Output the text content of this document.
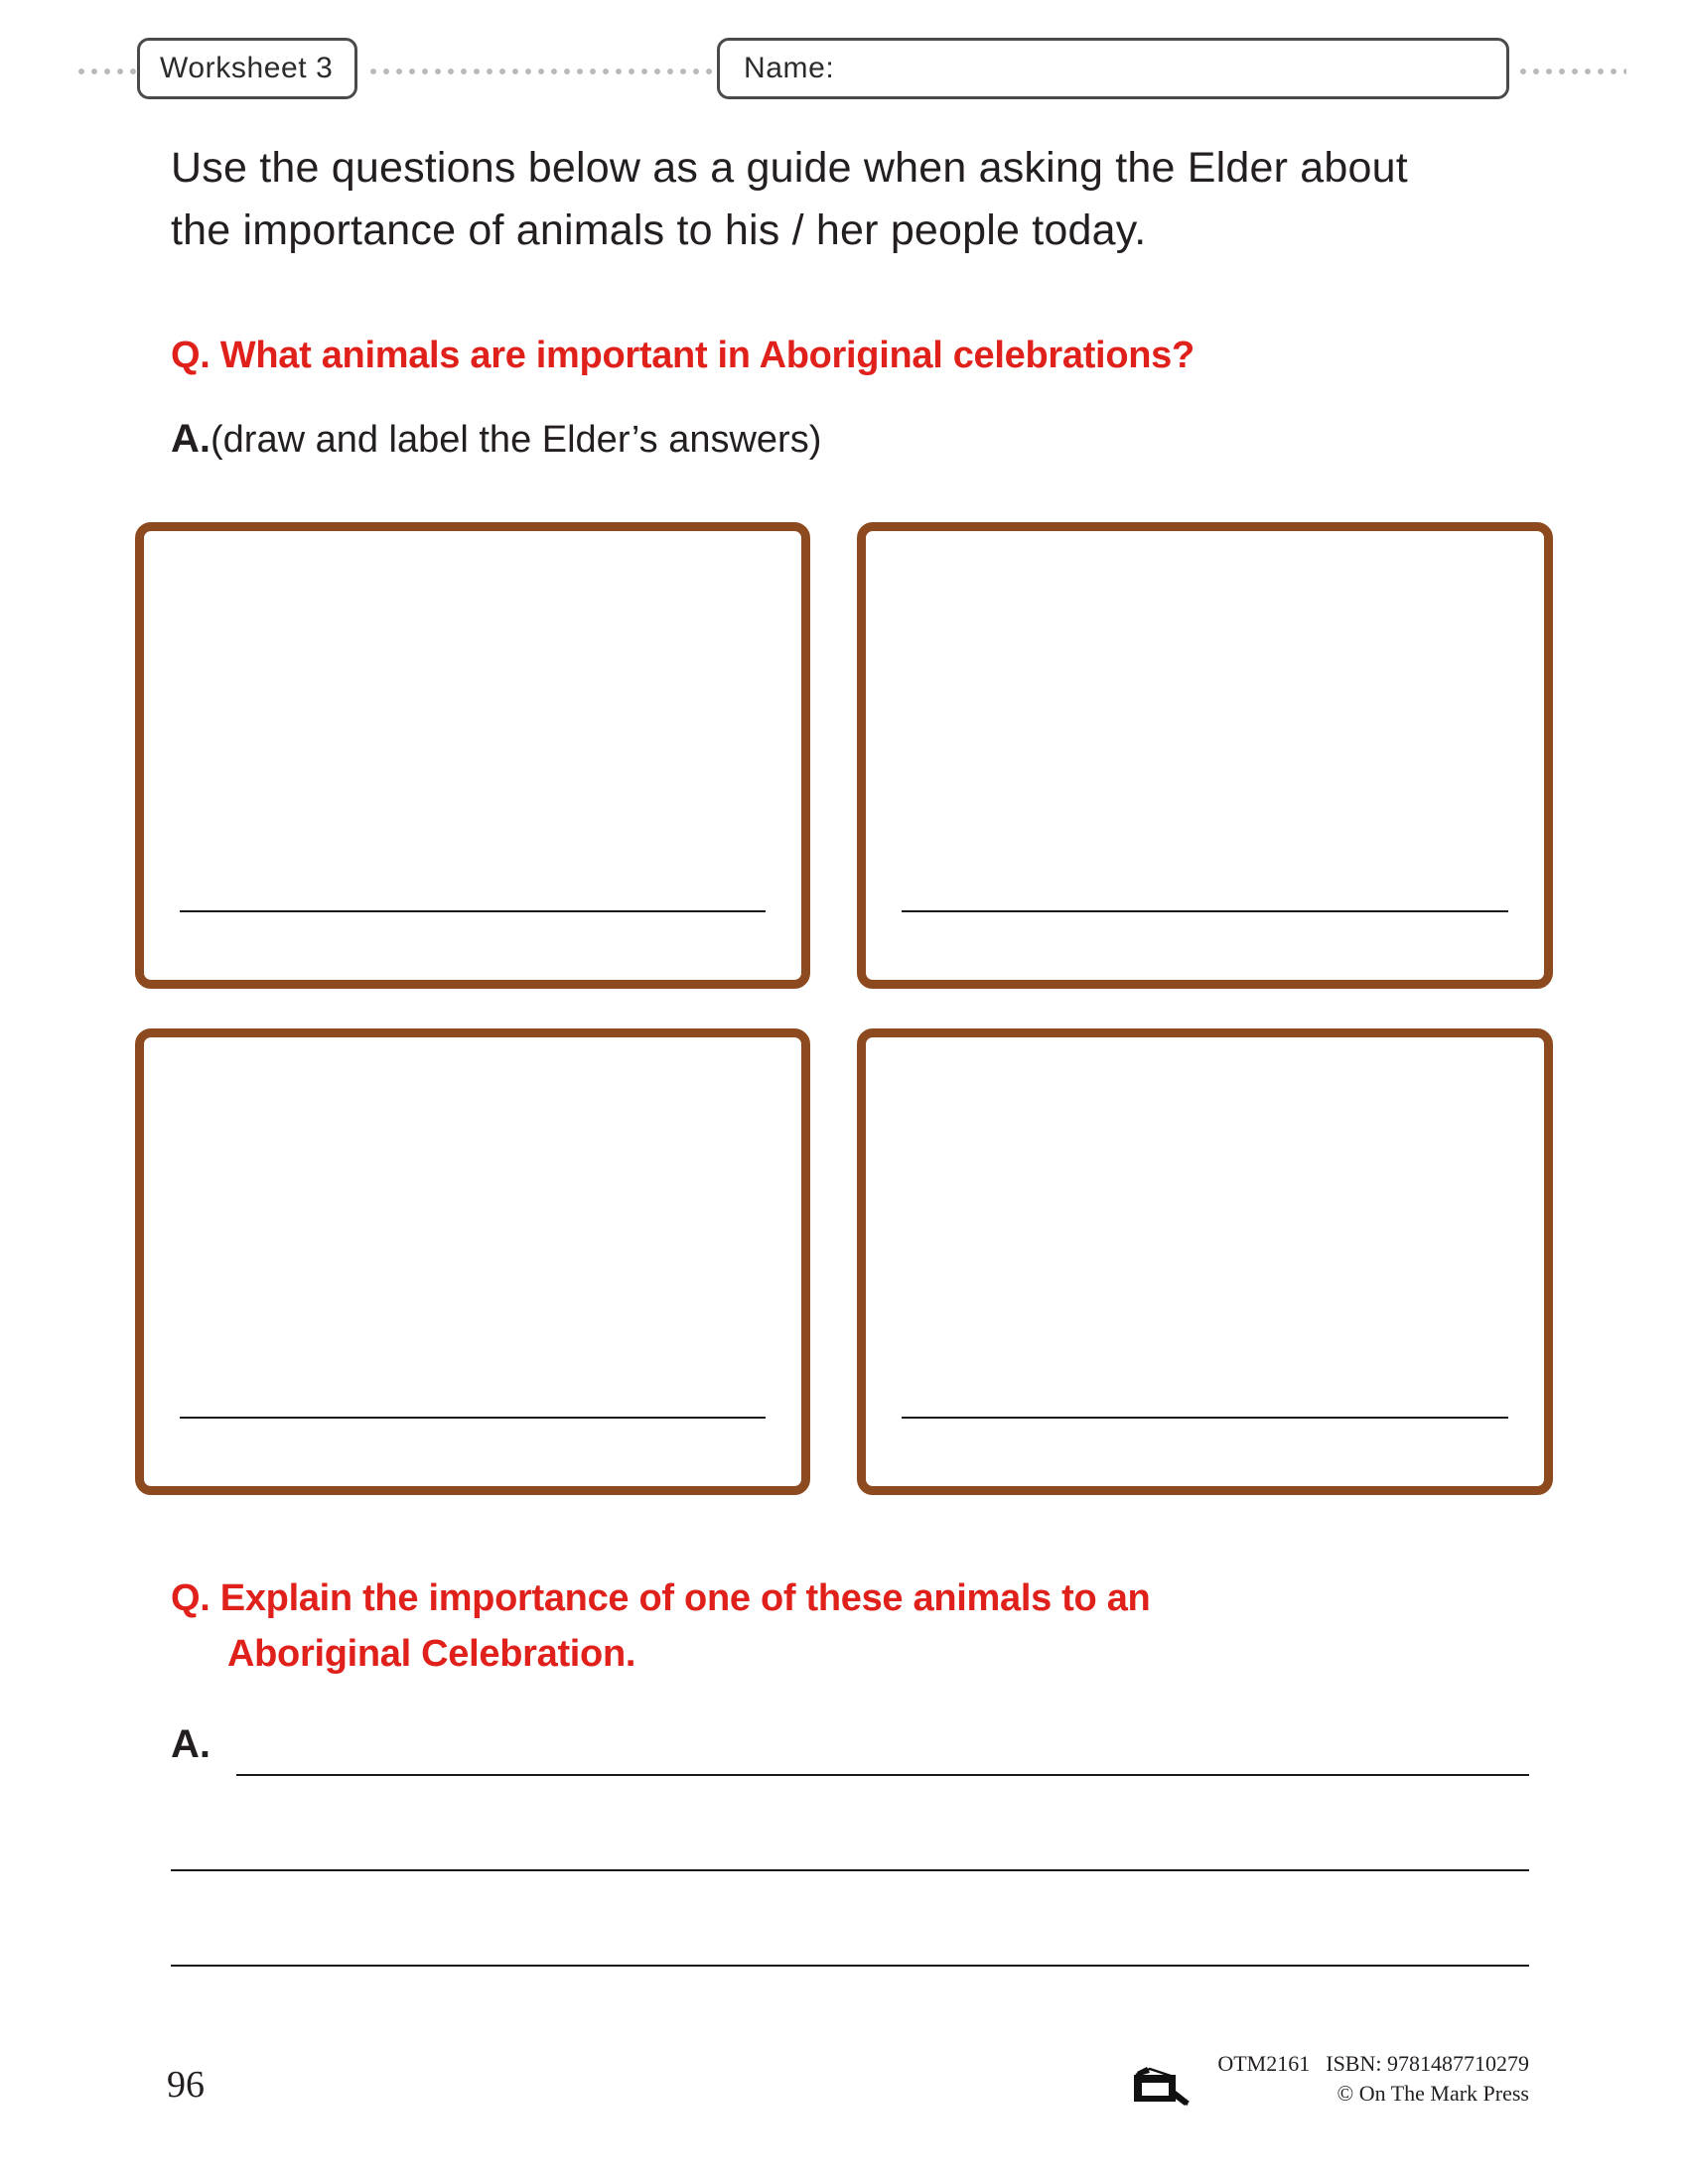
Worksheet 3	Name:
Use the questions below as a guide when asking the Elder about the importance of animals to his / her people today.
Q. What animals are important in Aboriginal celebrations?
A.(draw and label the Elder’s answers)
Q. Explain the importance of one of these animals to an
Aboriginal Celebration.
A.
96
OTM2161 ISBN: 9781487710279
© On The Mark Press
